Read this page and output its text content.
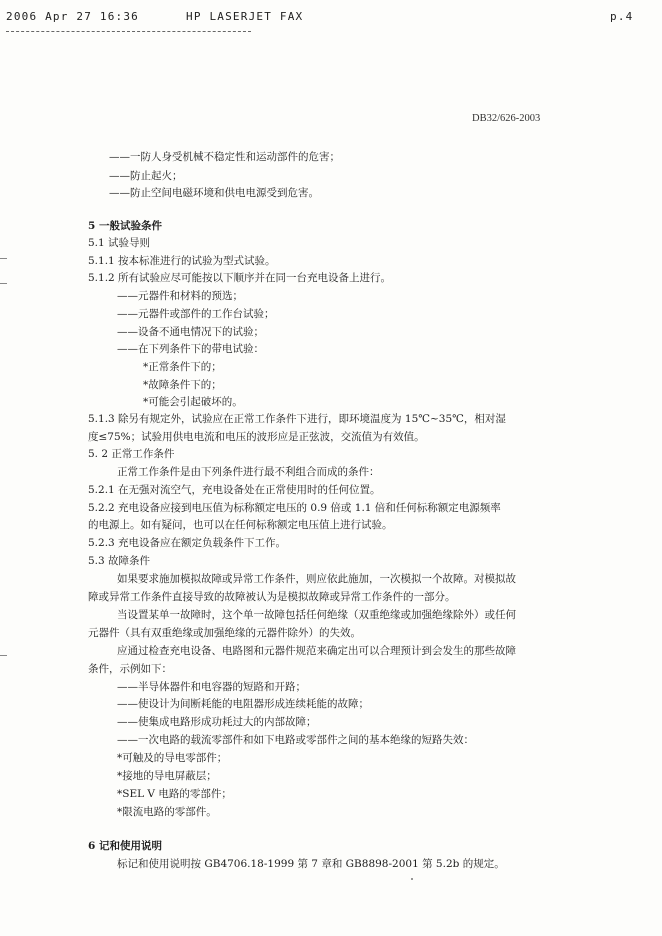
2006 Apr 27 16:36	HP LASERJET FAX	p.4
DB32/626-2003
——一防人身受机械不稳定性和运动部件的危害；
——防止起火；
——防止空间电磁环境和供电电源受到危害。
5 一般试验条件
5.1 试验导则
5.1.1 按本标准进行的试验为型式试验。
5.1.2 所有试验应尽可能按以下顺序并在同一台充电设备上进行。
——元器件和材料的预选；
——元器件或部件的工作台试验；
——设备不通电情况下的试验；
——在下列条件下的带电试验：
*正常条件下的；
*故障条件下的；
*可能会引起破坏的。
5.1.3 除另有规定外，试验应在正常工作条件下进行，即环境温度为 15℃~35℃，相对湿
度≤75%；试验用供电电流和电压的波形应是正弦波，交流值为有效值。
5. 2 正常工作条件
正常工作条件是由下列条件进行最不利组合而成的条件：
5.2.1 在无强对流空气，充电设备处在正常使用时的任何位置。
5.2.2 充电设备应接到电压值为标称额定电压的 0.9 倍或 1.1 倍和任何标称额定电源频率
的电源上。如有疑问，也可以在任何标称额定电压值上进行试验。
5.2.3 充电设备应在额定负载条件下工作。
5.3 故障条件
如果要求施加模拟故障或异常工作条件，则应依此施加，一次模拟一个故障。对模拟故
障或异常工作条件直接导致的故障被认为是模拟故障或异常工作条件的一部分。
当设置某单一故障时，这个单一故障包括任何绝缘（双重绝缘或加强绝缘除外）或任何
元器件（具有双重绝缘或加强绝缘的元器件除外）的失效。
应通过检查充电设备、电路图和元器件规范来确定出可以合理预计到会发生的那些故障
条件，示例如下：
——半导体器件和电容器的短路和开路；
——使设计为间断耗能的电阻器形成连续耗能的故障；
——使集成电路形成功耗过大的内部故障；
——一次电路的载流零部件和如下电路或零部件之间的基本绝缘的短路失效：
*可触及的导电零部件；
*接地的导电屏蔽层；
*SEL V 电路的零部件；
*限流电路的零部件。
6 记和使用说明
标记和使用说明按 GB4706.18-1999 第 7 章和 GB8898-2001 第 5.2b 的规定。
